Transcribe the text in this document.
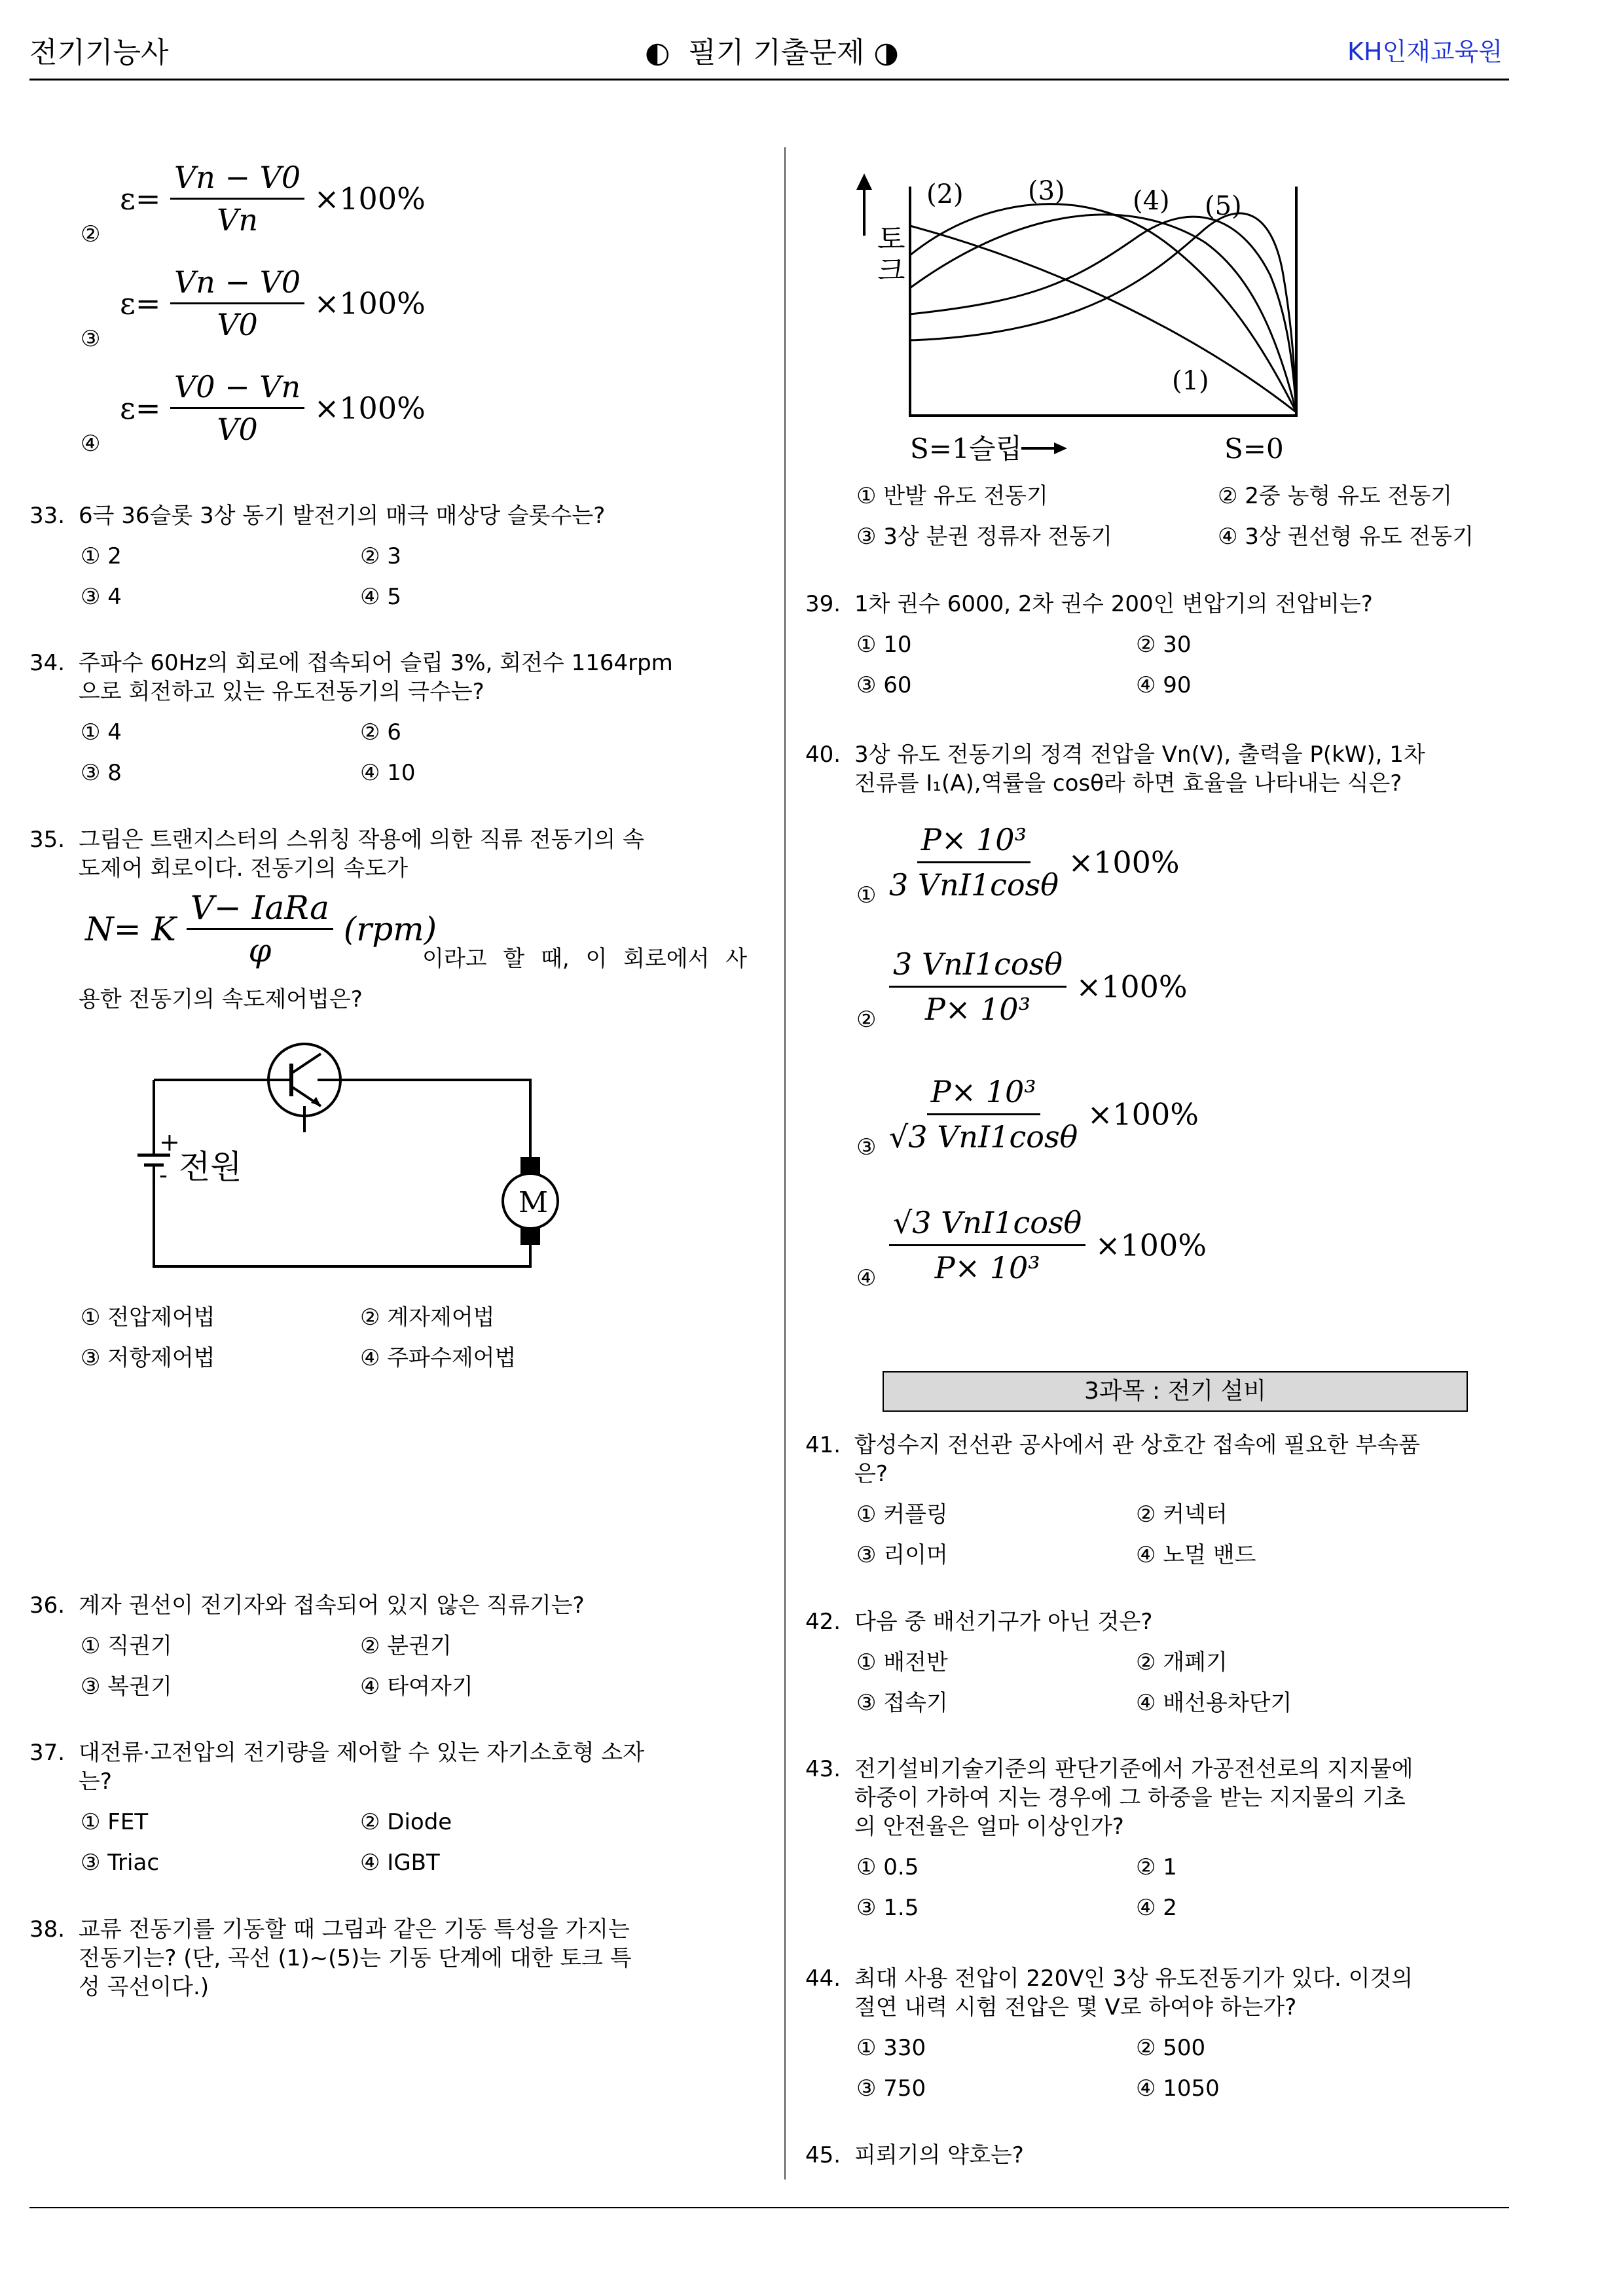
전기기능사	◐  필기 기출문제 ◑	KH인재교육원
②
$\varepsilon= \frac{Vn - V0}{Vn} \times 100\%$
③
$\varepsilon= \frac{Vn - V0}{V0} \times 100\%$
④
$\varepsilon= \frac{V0 - Vn}{V0} \times 100\%$
33. 6극 36슬롯 3상 동기 발전기의 매극 매상당 슬롯수는?
① 2	② 3
③ 4	④ 5
34. 주파수 60Hz의 회로에 접속되어 슬립 3%, 회전수 1164rpm
으로 회전하고 있는 유도전동기의 극수는?
① 4	② 6
③ 8	④ 10
35. 그림은 트랜지스터의 스위칭 작용에 의한 직류 전동기의 속
도제어 회로이다. 전동기의 속도가
N= K $\frac{\text{V− IaRa}}{\varphi} (rpm)$
이라고 할 때, 이 회로에서 사
용한 전동기의 속도제어법은?
+
- 전원
M
① 전압제어법	② 계자제어법
③ 저항제어법	④ 주파수제어법
36. 계자 권선이 전기자와 접속되어 있지 않은 직류기는?
① 직권기	② 분권기
③ 복권기	④ 타여자기
37. 대전류·고전압의 전기량을 제어할 수 있는 자기소호형 소자
는?
① FET	② Diode
③ Triac	④ IGBT
38. 교류 전동기를 기동할 때 그림과 같은 기동 특성을 가지는
전동기는? (단, 곡선 (1)~(5)는 기동 단계에 대한 토크 특
성 곡선이다.)
토
크
(2) (3)	(4) (5)
(1)
S=1 슬립	S=0
① 반발 유도 전동기	② 2중 농형 유도 전동기
③ 3상 분권 정류자 전동기	④ 3상 권선형 유도 전동기
39. 1차 권수 6000, 2차 권수 200인 변압기의 전압비는?
① 10	② 30
③ 60	④ 90
40. 3상 유도 전동기의 정격 전압을 Vn(V), 출력을 P(kW), 1차
전류를 I₁(A),역률을 cosθ라 하면 효율을 나타내는 식은?
① $\frac{\text{P× 10³}}{\text{3 VnI1cosθ}} \times 100\%$
② $\frac{\text{3 VnI1cosθ}}{\text{P× 10³}} \times 100\%$
③ $\frac{\text{P× 10³}}{\text{√3 VnI1cosθ}} \times 100\%$
④ $\frac{\text{√3 VnI1cosθ}}{\text{P× 10³}} \times 100\%$
41. 합성수지 전선관 공사에서 관 상호간 접속에 필요한 부속품
은?
① 커플링	② 커넥터
③ 리이머	④ 노멀 밴드
42. 다음 중 배선기구가 아닌 것은?
① 배전반	② 개폐기
③ 접속기	④ 배선용차단기
43. 전기설비기술기준의 판단기준에서 가공전선로의 지지물에
하중이 가하여 지는 경우에 그 하중을 받는 지지물의 기초
의 안전율은 얼마 이상인가?
① 0.5	② 1
③ 1.5	④ 2
44. 최대 사용 전압이 220V인 3상 유도전동기가 있다. 이것의
절연 내력 시험 전압은 몇 V로 하여야 하는가?
① 330	② 500
③ 750	④ 1050
45. 피뢰기의 약호는?
3과목 : 전기 설비
